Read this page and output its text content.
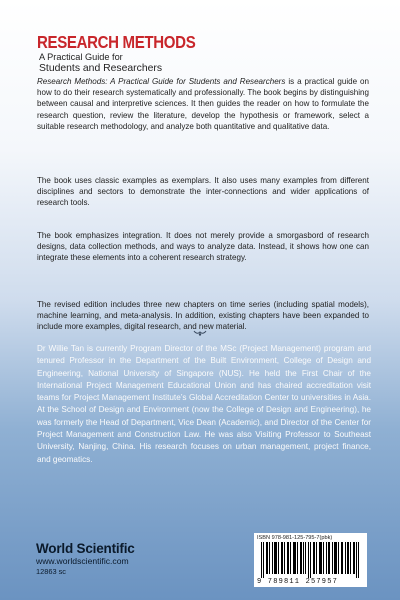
RESEARCH METHODS
A Practical Guide for
Students and Researchers
Research Methods: A Practical Guide for Students and Researchers is a practical guide on how to do their research systematically and professionally. The book begins by distinguishing between causal and interpretive sciences. It then guides the reader on how to formulate the research question, review the literature, develop the hypothesis or framework, select a suitable research methodology, and analyze both quantitative and qualitative data.
The book uses classic examples as exemplars. It also uses many examples from different disciplines and sectors to demonstrate the inter-connections and wider applications of research tools.
The book emphasizes integration. It does not merely provide a smorgasbord of research designs, data collection methods, and ways to analyze data. Instead, it shows how one can integrate these elements into a coherent research strategy.
The revised edition includes three new chapters on time series (including spatial models), machine learning, and meta-analysis. In addition, existing chapters have been expanded to include more examples, digital research, and new material.
Dr Willie Tan is currently Program Director of the MSc (Project Management) program and tenured Professor in the Department of the Built Environment, College of Design and Engineering, National University of Singapore (NUS). He held the First Chair of the International Project Management Educational Union and has chaired accreditation visit teams for Project Management Institute’s Global Accreditation Center to universities in Asia. At the School of Design and Environment (now the College of Design and Engineering), he was formerly the Head of Department, Vice Dean (Academic), and Director of the Center for Project Management and Construction Law. He was also Visiting Professor to Southeast University, Nanjing, China. His research focuses on urban management, project finance, and geomatics.
World Scientific
www.worldscientific.com
12863 sc
ISBN 978-981-125-795-7(pbk)
9 789811 257957
